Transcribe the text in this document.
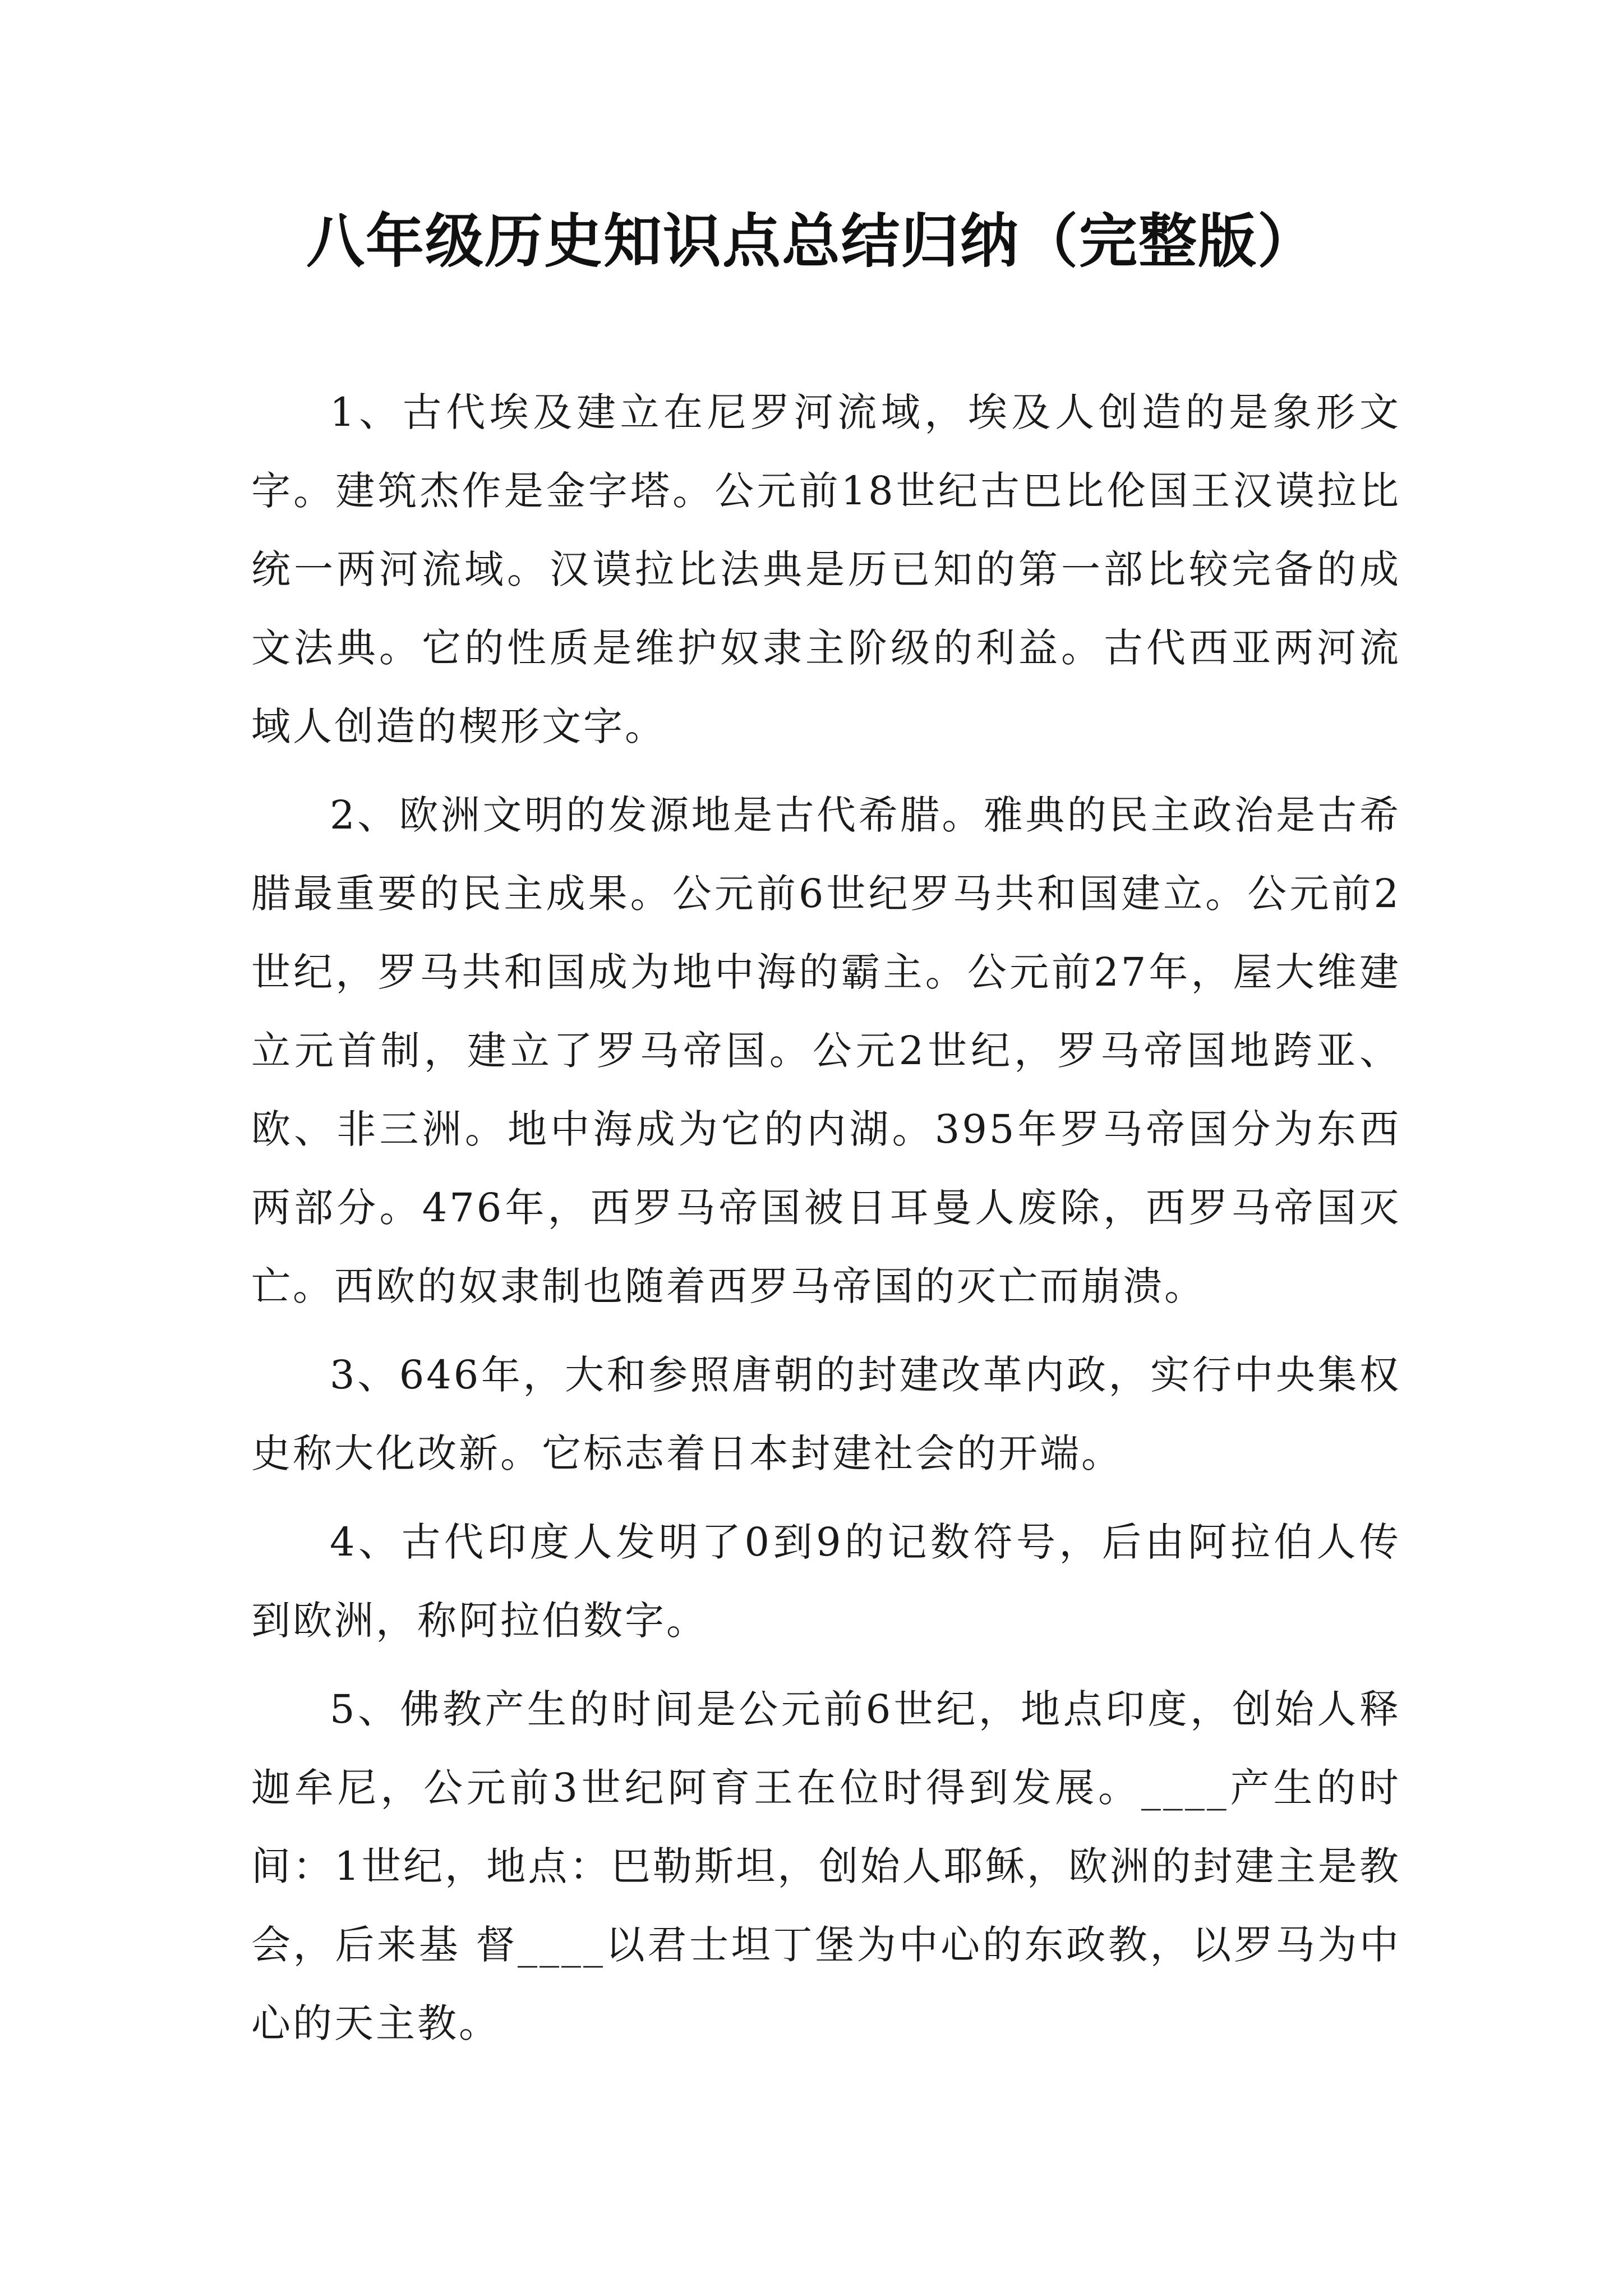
八年级历史知识点总结归纳（完整版）

1、古代埃及建立在尼罗河流域，埃及人创造的是象形文字。建筑杰作是金字塔。公元前18世纪古巴比伦国王汉谟拉比统一两河流域。汉谟拉比法典是历已知的第一部比较完备的成文法典。它的性质是维护奴隶主阶级的利益。古代西亚两河流域人创造的楔形文字。

2、欧洲文明的发源地是古代希腊。雅典的民主政治是古希腊最重要的民主成果。公元前6世纪罗马共和国建立。公元前2世纪，罗马共和国成为地中海的霸主。公元前27年，屋大维建立元首制，建立了罗马帝国。公元2世纪，罗马帝国地跨亚、欧、非三洲。地中海成为它的内湖。395年罗马帝国分为东西两部分。476年，西罗马帝国被日耳曼人废除，西罗马帝国灭亡。西欧的奴隶制也随着西罗马帝国的灭亡而崩溃。

3、646年，大和参照唐朝的封建改革内政，实行中央集权史称大化改新。它标志着日本封建社会的开端。

4、古代印度人发明了0到9的记数符号，后由阿拉伯人传到欧洲，称阿拉伯数字。

5、佛教产生的时间是公元前6世纪，地点印度，创始人释迦牟尼，公元前3世纪阿育王在位时得到发展。____产生的时间：1世纪，地点：巴勒斯坦，创始人耶稣，欧洲的封建主是教会，后来基 督____以君士坦丁堡为中心的东政教，以罗马为中心的天主教。
